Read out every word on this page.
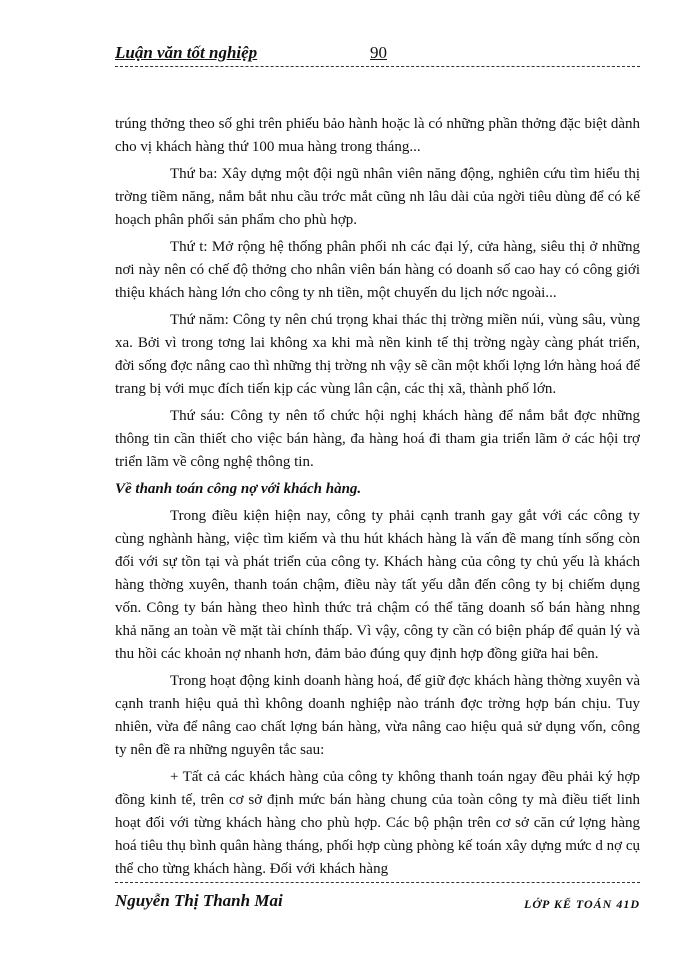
Luận văn tốt nghiệp	90

trúng thởng theo số ghi trên phiếu bảo hành hoặc là có những phần thởng đặc biệt dành cho vị khách hàng thứ 100 mua hàng trong tháng...

Thứ ba: Xây dựng một đội ngũ nhân viên năng động, nghiên cứu tìm hiểu thị trờng tiềm năng, nắm bắt nhu cầu trớc mắt cũng nh lâu dài của ngời tiêu dùng để có kế hoạch phân phối sản phẩm cho phù hợp.

Thứ t: Mở rộng hệ thống phân phối nh các đại lý, cửa hàng, siêu thị ở những nơi này nên có chế độ thởng cho nhân viên bán hàng có doanh số cao hay có công giới thiệu khách hàng lớn cho công ty nh tiền, một chuyến du lịch nớc ngoài...

Thứ năm: Công ty nên chú trọng khai thác thị trờng miền núi, vùng sâu, vùng xa. Bởi vì trong tơng lai không xa khi mà nền kinh tế thị trờng ngày càng phát triển, đời sống đợc nâng cao thì những thị trờng nh vậy sẽ cần một khối lợng lớn hàng hoá để trang bị với mục đích tiến kịp các vùng lân cận, các thị xã, thành phố lớn.

Thứ sáu: Công ty nên tổ chức hội nghị khách hàng để nắm bắt đợc những thông tin cần thiết cho việc bán hàng, đa hàng hoá đi tham gia triển lãm ở các hội trợ triển lãm về công nghệ thông tin.

Về thanh toán công nợ với khách hàng.

Trong điều kiện hiện nay, công ty phải cạnh tranh gay gắt với các công ty cùng nghành hàng, việc tìm kiếm và thu hút khách hàng là vấn đề mang tính sống còn đối với sự tồn tại và phát triển của công ty. Khách hàng của công ty chủ yếu là khách hàng thờng xuyên, thanh toán chậm, điều này tất yếu dẫn đến công ty bị chiếm dụng vốn. Công ty bán hàng theo hình thức trả chậm có thể tăng doanh số bán hàng nhng khả năng an toàn về mặt tài chính thấp. Vì vậy, công ty cần có biện pháp để quản lý và thu hồi các khoản nợ nhanh hơn, đảm bảo đúng quy định hợp đồng giữa hai bên.

Trong hoạt động kinh doanh hàng hoá, để giữ đợc khách hàng thờng xuyên và cạnh tranh hiệu quả thì không doanh nghiệp nào tránh đợc trờng hợp bán chịu. Tuy nhiên, vừa để nâng cao chất lợng bán hàng, vừa nâng cao hiệu quả sử dụng vốn, công ty nên đề ra những nguyên tắc sau:

+ Tất cả các khách hàng của công ty không thanh toán ngay đều phải ký hợp đồng kinh tế, trên cơ sở định mức bán hàng chung của toàn công ty mà điều tiết linh hoạt đối với từng khách hàng cho phù hợp. Các bộ phận trên cơ sở căn cứ lợng hàng hoá tiêu thụ bình quân hàng tháng, phối hợp cùng phòng kế toán xây dựng mức d nợ cụ thể cho từng khách hàng. Đối với khách hàng

Nguyễn Thị Thanh Mai	LỚP KẾ TOÁN 41D
